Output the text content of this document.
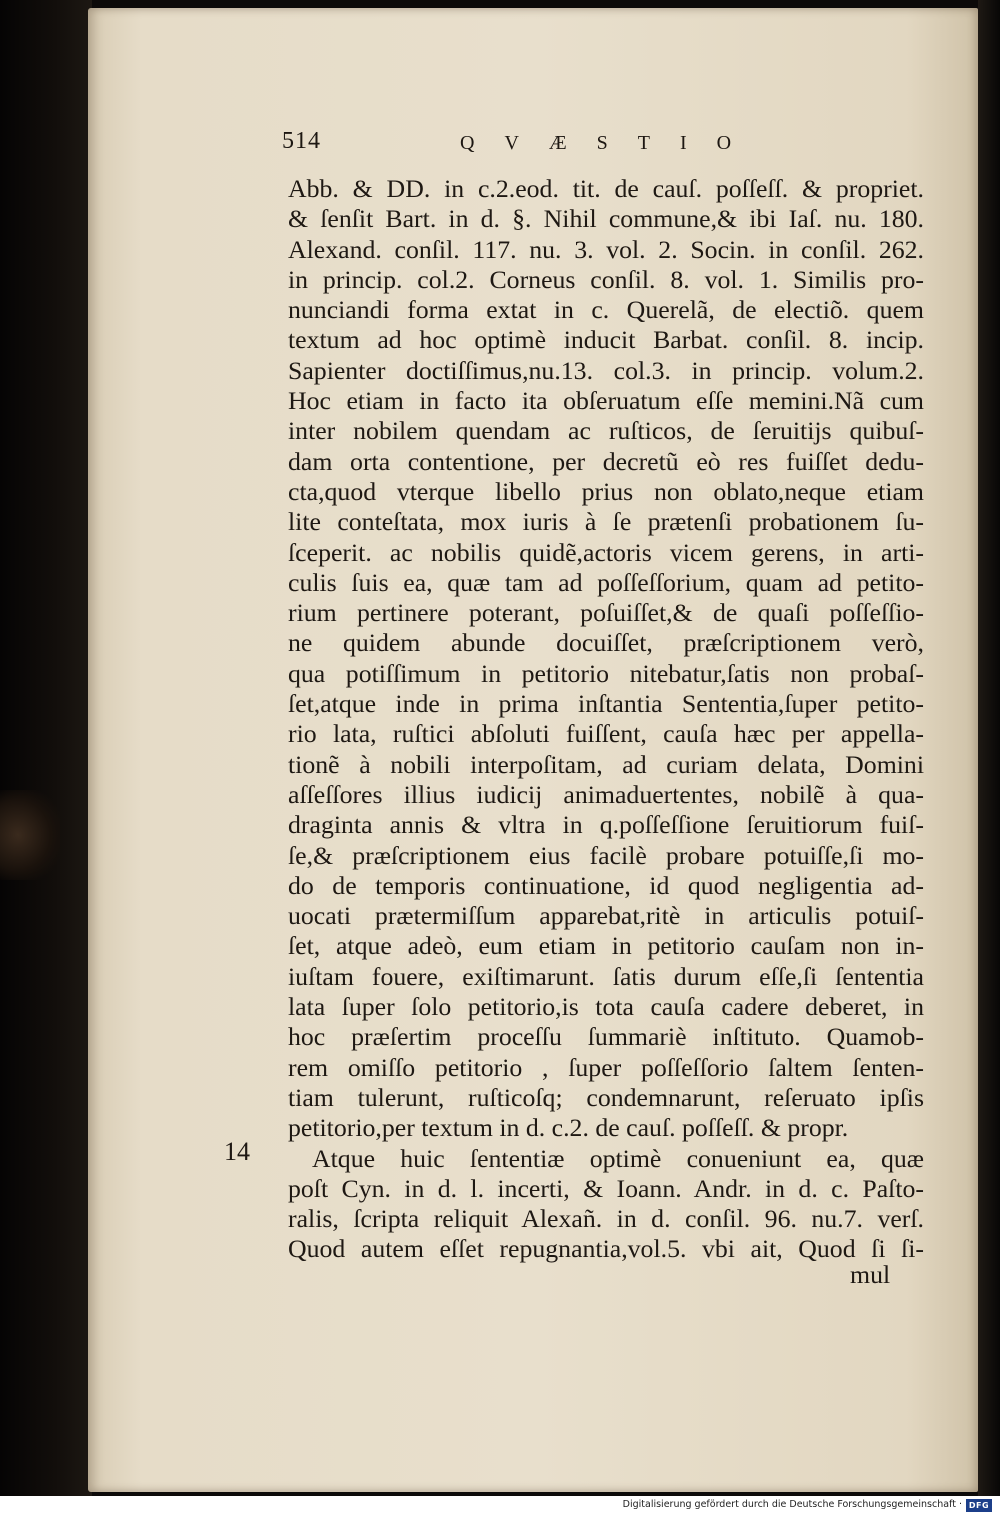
514	QVÆSTIO
Abb. & DD. in c.2.eod. tit. de cauſ. poſſeſſ. & propriet.
& ſenſit Bart. in d. §. Nihil commune,& ibi Iaſ. nu. 180.
Alexand. conſil. 117. nu. 3. vol. 2. Socin. in conſil. 262.
in princip. col.2. Corneus conſil. 8. vol. 1. Similis pro-
nunciandi forma extat in c. Querelã, de electiõ. quem
textum ad hoc optimè inducit Barbat. conſil. 8. incip.
Sapienter doctiſſimus,nu.13. col.3. in princip. volum.2.
Hoc etiam in facto ita obſeruatum eſſe memini.Nã cum
inter nobilem quendam ac ruſticos, de ſeruitijs quibuſ-
dam orta contentione, per decretũ eò res fuiſſet dedu-
cta,quod vterque libello prius non oblato,neque etiam
lite conteſtata, mox iuris à ſe prætenſi probationem ſu-
ſceperit. ac nobilis quidẽ,actoris vicem gerens, in arti-
culis ſuis ea, quæ tam ad poſſeſſorium, quam ad petito-
rium pertinere poterant, poſuiſſet,& de quaſi poſſeſſio-
ne quidem abunde docuiſſet, præſcriptionem verò,
qua potiſſimum in petitorio nitebatur,ſatis non probaſ-
ſet,atque inde in prima inſtantia Sententia,ſuper petito-
rio lata, ruſtici abſoluti fuiſſent, cauſa hæc per appella-
tionẽ à nobili interpoſitam, ad curiam delata, Domini
aſſeſſores illius iudicij animaduertentes, nobilẽ à qua-
draginta annis & vltra in q.poſſeſſione ſeruitiorum fuiſ-
ſe,& præſcriptionem eius facilè probare potuiſſe,ſi mo-
do de temporis continuatione, id quod negligentia ad-
uocati prætermiſſum apparebat,ritè in articulis potuiſ-
ſet, atque adeò, eum etiam in petitorio cauſam non in-
iuſtam fouere, exiſtimarunt. ſatis durum eſſe,ſi ſententia
lata ſuper ſolo petitorio,is tota cauſa cadere deberet, in
hoc præſertim proceſſu ſummariè inſtituto. Quamob-
rem omiſſo petitorio , ſuper poſſeſſorio ſaltem ſenten-
tiam tulerunt, ruſticoſq; condemnarunt, reſeruato ipſis
petitorio,per textum in d. c.2. de cauſ. poſſeſſ. & propr.
Atque huic ſententiæ optimè conueniunt ea, quæ
poſt Cyn. in d. l. incerti, & Ioann. Andr. in d. c. Paſto-
ralis, ſcripta reliquit Alexañ. in d. conſil. 96. nu.7. verſ.
Quod autem eſſet repugnantia,vol.5. vbi ait, Quod ſi ſi-
14
mul
Digitalisierung gefördert durch die Deutsche Forschungsgemeinschaft · DFG
